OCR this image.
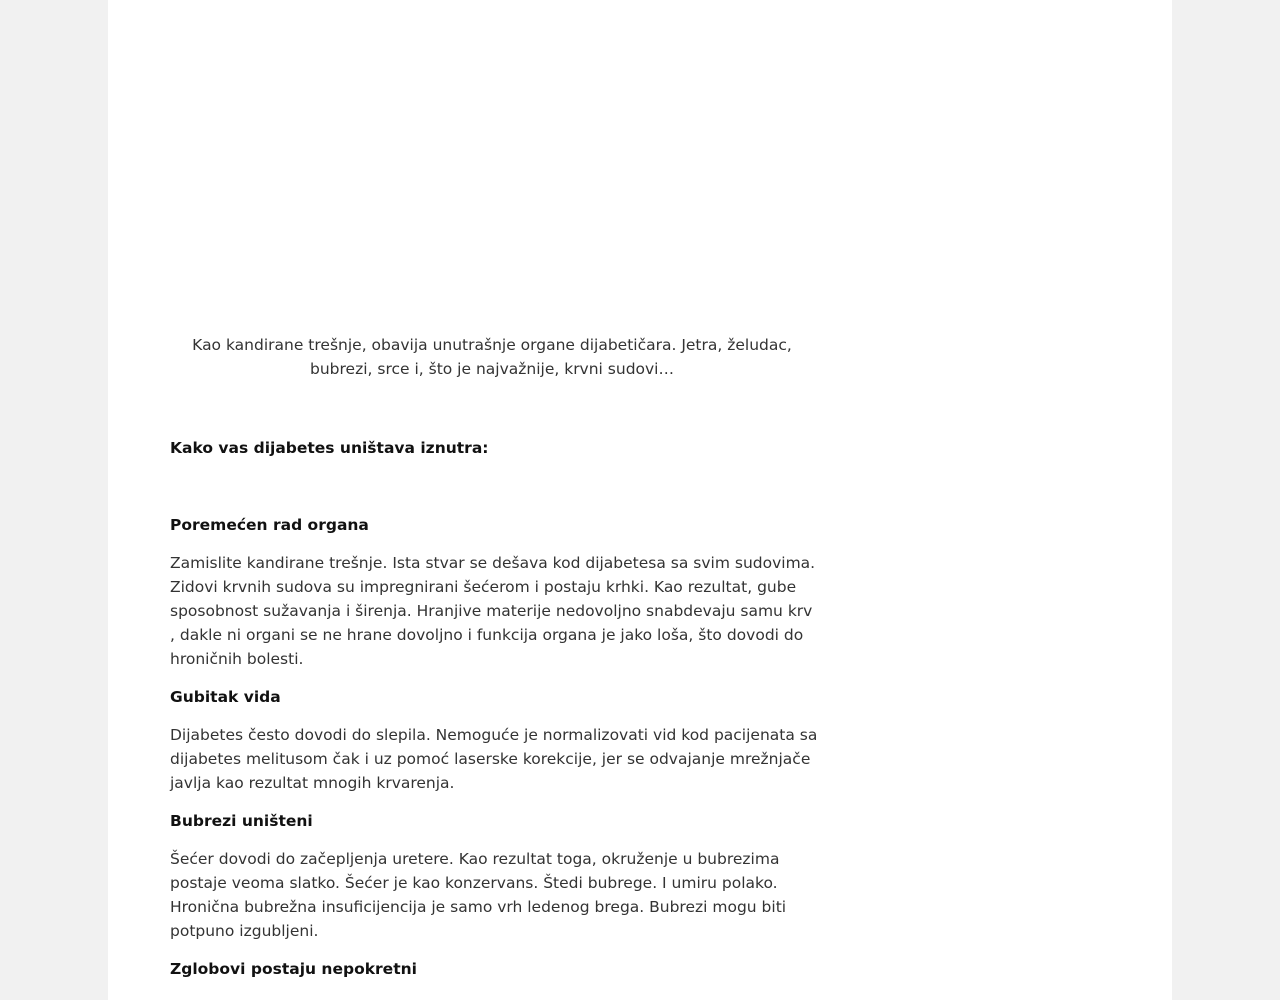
Kao kandirane trešnje, obavija unutrašnje organe dijabetičara. Jetra, želudac, bubrezi, srce i, što je najvažnije, krvni sudovi…

Kako vas dijabetes uništava iznutra:

Poremećen rad organa

Zamislite kandirane trešnje. Ista stvar se dešava kod dijabetesa sa svim sudovima. Zidovi krvnih sudova su impregnirani šećerom i postaju krhki. Kao rezultat, gube sposobnost sužavanja i širenja. Hranjive materije nedovoljno snabdevaju samu krv , dakle ni organi se ne hrane dovoljno i funkcija organa je jako loša, što dovodi do hroničnih bolesti.

Gubitak vida

Dijabetes često dovodi do slepila. Nemoguće je normalizovati vid kod pacijenata sa dijabetes melitusom čak i uz pomoć laserske korekcije, jer se odvajanje mrežnjače javlja kao rezultat mnogih krvarenja.

Bubrezi uništeni

Šećer dovodi do začepljenja uretere. Kao rezultat toga, okruženje u bubrezima postaje veoma slatko. Šećer je kao konzervans. Štedi bubrege. I umiru polako. Hronična bubrežna insuficijencija je samo vrh ledenog brega. Bubrezi mogu biti potpuno izgubljeni.

Zglobovi postaju nepokretni
